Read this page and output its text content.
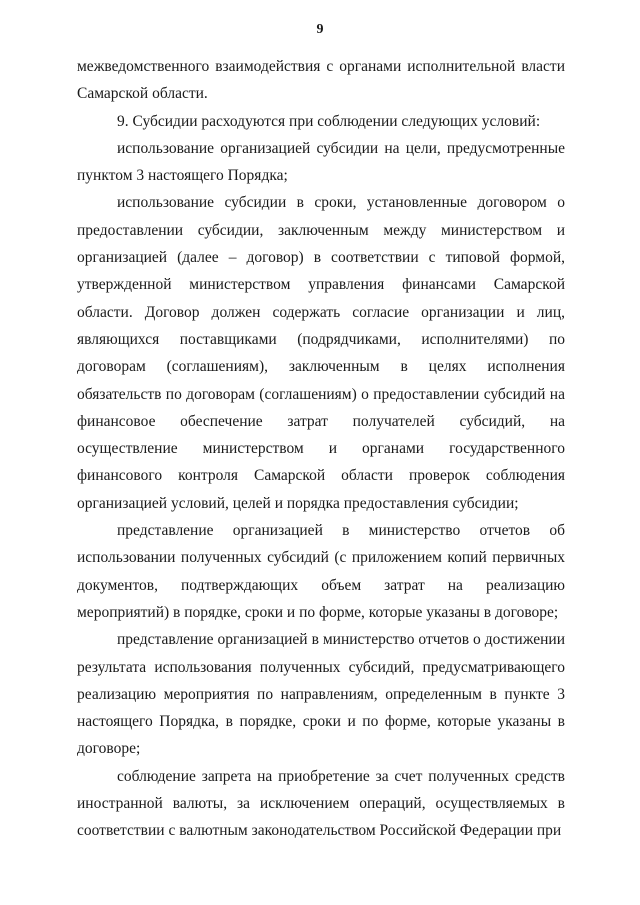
9

межведомственного взаимодействия с органами исполнительной власти Самарской области.

9. Субсидии расходуются при соблюдении следующих условий:

использование организацией субсидии на цели, предусмотренные пунктом 3 настоящего Порядка;

использование субсидии в сроки, установленные договором о предоставлении субсидии, заключенным между министерством и организацией (далее – договор) в соответствии с типовой формой, утвержденной министерством управления финансами Самарской области. Договор должен содержать согласие организации и лиц, являющихся поставщиками (подрядчиками, исполнителями) по договорам (соглашениям), заключенным в целях исполнения обязательств по договорам (соглашениям) о предоставлении субсидий на финансовое обеспечение затрат получателей субсидий, на осуществление министерством и органами государственного финансового контроля Самарской области проверок соблюдения организацией условий, целей и порядка предоставления субсидии;

представление организацией в министерство отчетов об использовании полученных субсидий (с приложением копий первичных документов, подтверждающих объем затрат на реализацию мероприятий) в порядке, сроки и по форме, которые указаны в договоре;

представление организацией в министерство отчетов о достижении результата использования полученных субсидий, предусматривающего реализацию мероприятия по направлениям, определенным в пункте 3 настоящего Порядка, в порядке, сроки и по форме, которые указаны в договоре;

соблюдение запрета на приобретение за счет полученных средств иностранной валюты, за исключением операций, осуществляемых в соответствии с валютным законодательством Российской Федерации при
